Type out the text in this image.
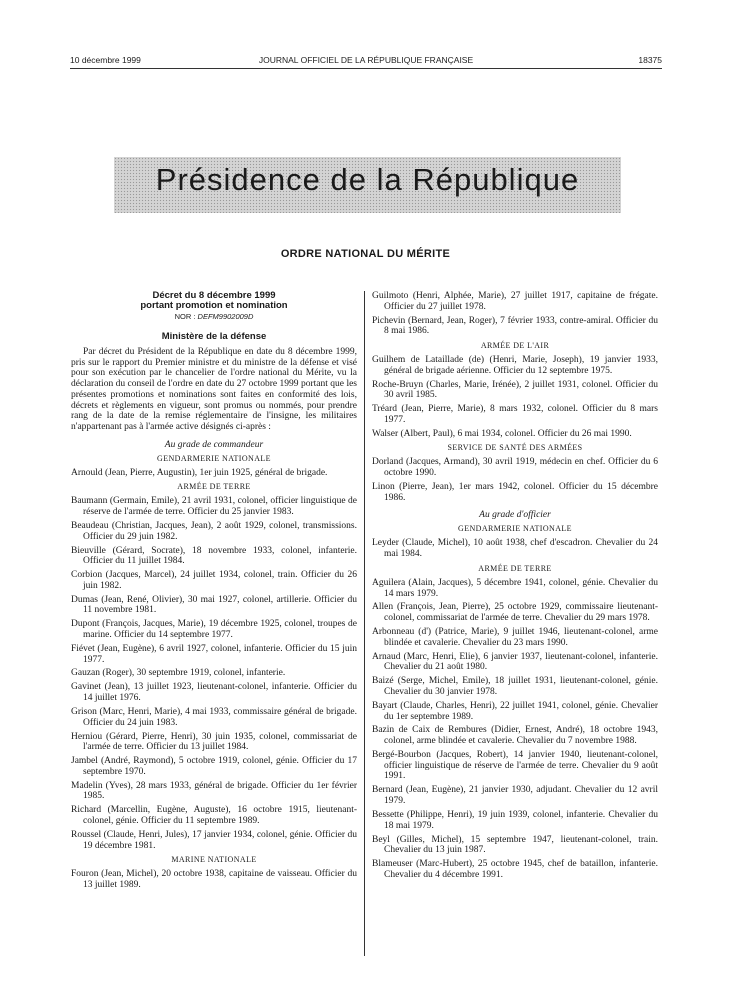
10 décembre 1999	JOURNAL OFFICIEL DE LA RÉPUBLIQUE FRANÇAISE	18375
Présidence de la République
ORDRE NATIONAL DU MÉRITE
Décret du 8 décembre 1999
portant promotion et nomination
NOR : DEFM9902009D
Ministère de la défense

Par décret du Président de la République en date du 8 décembre 1999, pris sur le rapport du Premier ministre et du ministre de la défense et visé pour son exécution par le chancelier de l'ordre national du Mérite, vu la déclaration du conseil de l'ordre en date du 27 octobre 1999 portant que les présentes promotions et nominations sont faites en conformité des lois, décrets et règlements en vigueur, sont promus ou nommés, pour prendre rang de la date de la remise réglementaire de l'insigne, les militaires n'appartenant pas à l'armée active désignés ci-après :

Au grade de commandeur
GENDARMERIE NATIONALE
Arnould (Jean, Pierre, Augustin), 1er juin 1925, général de brigade.
ARMÉE DE TERRE
Baumann (Germain, Emile), 21 avril 1931, colonel, officier linguistique de réserve de l'armée de terre. Officier du 25 janvier 1983.
Beaudeau (Christian, Jacques, Jean), 2 août 1929, colonel, transmissions. Officier du 29 juin 1982.
Bieuville (Gérard, Socrate), 18 novembre 1933, colonel, infanterie. Officier du 11 juillet 1984.
Corbion (Jacques, Marcel), 24 juillet 1934, colonel, train. Officier du 26 juin 1982.
Dumas (Jean, René, Olivier), 30 mai 1927, colonel, artillerie. Officier du 11 novembre 1981.
Dupont (François, Jacques, Marie), 19 décembre 1925, colonel, troupes de marine. Officier du 14 septembre 1977.
Fiévet (Jean, Eugène), 6 avril 1927, colonel, infanterie. Officier du 15 juin 1977.
Gauzan (Roger), 30 septembre 1919, colonel, infanterie.
Gavinet (Jean), 13 juillet 1923, lieutenant-colonel, infanterie. Officier du 14 juillet 1976.
Grison (Marc, Henri, Marie), 4 mai 1933, commissaire général de brigade. Officier du 24 juin 1983.
Herniou (Gérard, Pierre, Henri), 30 juin 1935, colonel, commissariat de l'armée de terre. Officier du 13 juillet 1984.
Jambel (André, Raymond), 5 octobre 1919, colonel, génie. Officier du 17 septembre 1970.
Madelin (Yves), 28 mars 1933, général de brigade. Officier du 1er février 1985.
Richard (Marcellin, Eugène, Auguste), 16 octobre 1915, lieutenant-colonel, génie. Officier du 11 septembre 1989.
Roussel (Claude, Henri, Jules), 17 janvier 1934, colonel, génie. Officier du 19 décembre 1981.
MARINE NATIONALE
Fouron (Jean, Michel), 20 octobre 1938, capitaine de vaisseau. Officier du 13 juillet 1989.
Guilmoto (Henri, Alphée, Marie), 27 juillet 1917, capitaine de frégate. Officier du 27 juillet 1978.
Pichevin (Bernard, Jean, Roger), 7 février 1933, contre-amiral. Officier du 8 mai 1986.
ARMÉE DE L'AIR
Guilhem de Lataillade (de) (Henri, Marie, Joseph), 19 janvier 1933, général de brigade aérienne. Officier du 12 septembre 1975.
Roche-Bruyn (Charles, Marie, Irénée), 2 juillet 1931, colonel. Officier du 30 avril 1985.
Tréard (Jean, Pierre, Marie), 8 mars 1932, colonel. Officier du 8 mars 1977.
Walser (Albert, Paul), 6 mai 1934, colonel. Officier du 26 mai 1990.
SERVICE DE SANTÉ DES ARMÉES
Dorland (Jacques, Armand), 30 avril 1919, médecin en chef. Officier du 6 octobre 1990.
Linon (Pierre, Jean), 1er mars 1942, colonel. Officier du 15 décembre 1986.
Au grade d'officier
GENDARMERIE NATIONALE
Leyder (Claude, Michel), 10 août 1938, chef d'escadron. Chevalier du 24 mai 1984.
ARMÉE DE TERRE
Aguilera (Alain, Jacques), 5 décembre 1941, colonel, génie. Chevalier du 14 mars 1979.
Allen (François, Jean, Pierre), 25 octobre 1929, commissaire lieutenant-colonel, commissariat de l'armée de terre. Chevalier du 29 mars 1978.
Arbonneau (d') (Patrice, Marie), 9 juillet 1946, lieutenant-colonel, arme blindée et cavalerie. Chevalier du 23 mars 1990.
Arnaud (Marc, Henri, Elie), 6 janvier 1937, lieutenant-colonel, infanterie. Chevalier du 21 août 1980.
Baizé (Serge, Michel, Emile), 18 juillet 1931, lieutenant-colonel, génie. Chevalier du 30 janvier 1978.
Bayart (Claude, Charles, Henri), 22 juillet 1941, colonel, génie. Chevalier du 1er septembre 1989.
Bazin de Caix de Rembures (Didier, Ernest, André), 18 octobre 1943, colonel, arme blindée et cavalerie. Chevalier du 7 novembre 1988.
Bergé-Bourbon (Jacques, Robert), 14 janvier 1940, lieutenant-colonel, officier linguistique de réserve de l'armée de terre. Chevalier du 9 août 1991.
Bernard (Jean, Eugène), 21 janvier 1930, adjudant. Chevalier du 12 avril 1979.
Bessette (Philippe, Henri), 19 juin 1939, colonel, infanterie. Chevalier du 18 mai 1979.
Beyl (Gilles, Michel), 15 septembre 1947, lieutenant-colonel, train. Chevalier du 13 juin 1987.
Blameuser (Marc-Hubert), 25 octobre 1945, chef de bataillon, infanterie. Chevalier du 4 décembre 1991.
